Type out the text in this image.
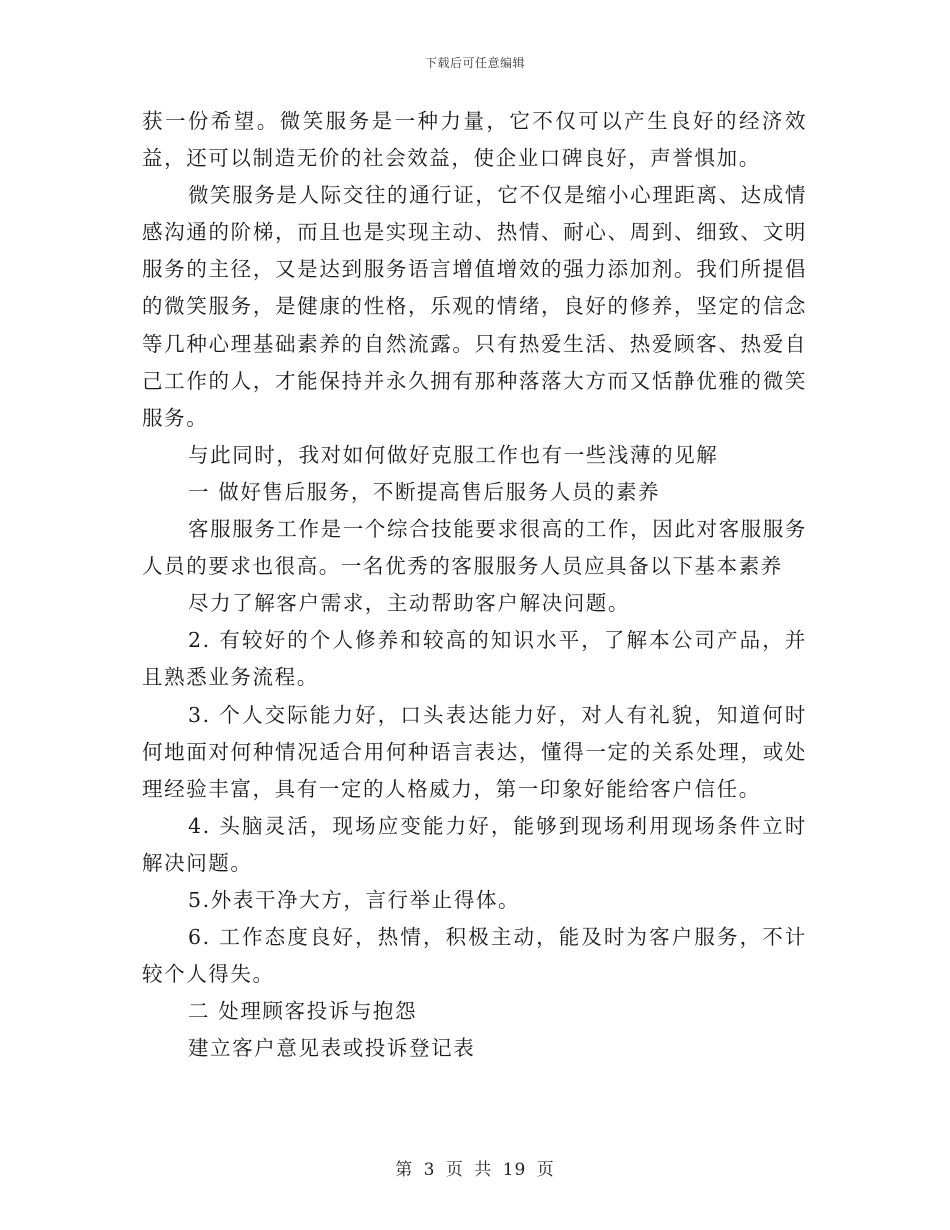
下载后可任意编辑

获一份希望。微笑服务是一种力量，它不仅可以产生良好的经济效益，还可以制造无价的社会效益，使企业口碑良好，声誉惧加。

微笑服务是人际交往的通行证，它不仅是缩小心理距离、达成情感沟通的阶梯，而且也是实现主动、热情、耐心、周到、细致、文明服务的主径，又是达到服务语言增值增效的强力添加剂。我们所提倡的微笑服务，是健康的性格，乐观的情绪，良好的修养，坚定的信念等几种心理基础素养的自然流露。只有热爱生活、热爱顾客、热爱自己工作的人，才能保持并永久拥有那种落落大方而又恬静优雅的微笑服务。

与此同时，我对如何做好克服工作也有一些浅薄的见解

一 做好售后服务，不断提高售后服务人员的素养

客服服务工作是一个综合技能要求很高的工作，因此对客服服务人员的要求也很高。一名优秀的客服服务人员应具备以下基本素养

尽力了解客户需求，主动帮助客户解决问题。

2. 有较好的个人修养和较高的知识水平，了解本公司产品，并且熟悉业务流程。

3. 个人交际能力好，口头表达能力好，对人有礼貌，知道何时何地面对何种情况适合用何种语言表达，懂得一定的关系处理，或处理经验丰富，具有一定的人格威力，第一印象好能给客户信任。

4. 头脑灵活，现场应变能力好，能够到现场利用现场条件立时解决问题。

5.外表干净大方，言行举止得体。

6. 工作态度良好，热情，积极主动，能及时为客户服务，不计较个人得失。

二 处理顾客投诉与抱怨

建立客户意见表或投诉登记表

第 3 页 共 19 页
